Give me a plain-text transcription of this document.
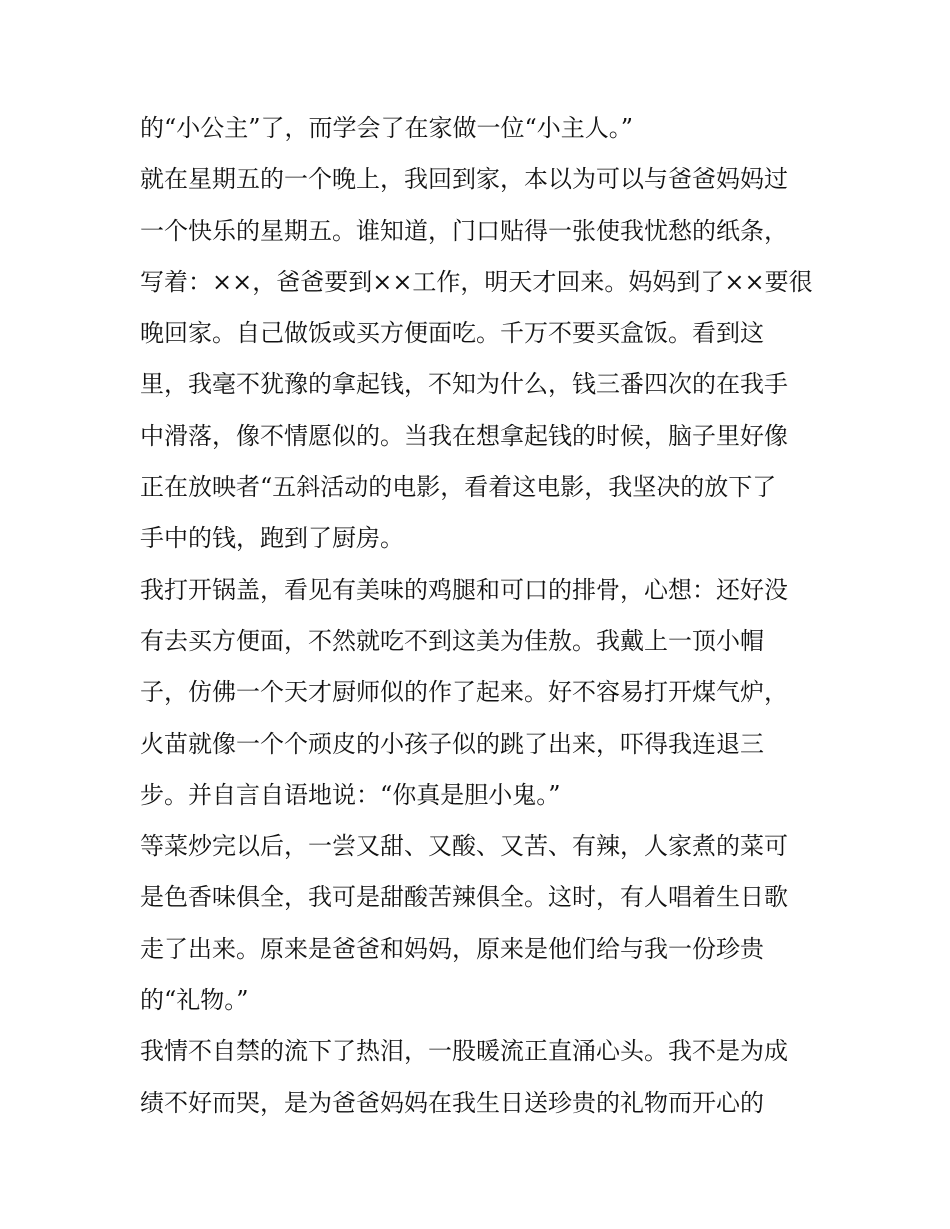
的“小公主”了，而学会了在家做一位“小主人。”
就在星期五的一个晚上，我回到家，本以为可以与爸爸妈妈过
一个快乐的星期五。谁知道，门口贴得一张使我忧愁的纸条，
写着：××，爸爸要到××工作，明天才回来。妈妈到了××要很
晚回家。自己做饭或买方便面吃。千万不要买盒饭。看到这
里，我毫不犹豫的拿起钱，不知为什么，钱三番四次的在我手
中滑落，像不情愿似的。当我在想拿起钱的时候，脑子里好像
正在放映者“五斜活动的电影，看着这电影，我坚决的放下了
手中的钱，跑到了厨房。
我打开锅盖，看见有美味的鸡腿和可口的排骨，心想：还好没
有去买方便面，不然就吃不到这美为佳敖。我戴上一顶小帽
子，仿佛一个天才厨师似的作了起来。好不容易打开煤气炉，
火苗就像一个个顽皮的小孩子似的跳了出来，吓得我连退三
步。并自言自语地说：“你真是胆小鬼。”
等菜炒完以后，一尝又甜、又酸、又苦、有辣，人家煮的菜可
是色香味俱全，我可是甜酸苦辣俱全。这时，有人唱着生日歌
走了出来。原来是爸爸和妈妈，原来是他们给与我一份珍贵
的“礼物。”
我情不自禁的流下了热泪，一股暖流正直涌心头。我不是为成
绩不好而哭，是为爸爸妈妈在我生日送珍贵的礼物而开心的
